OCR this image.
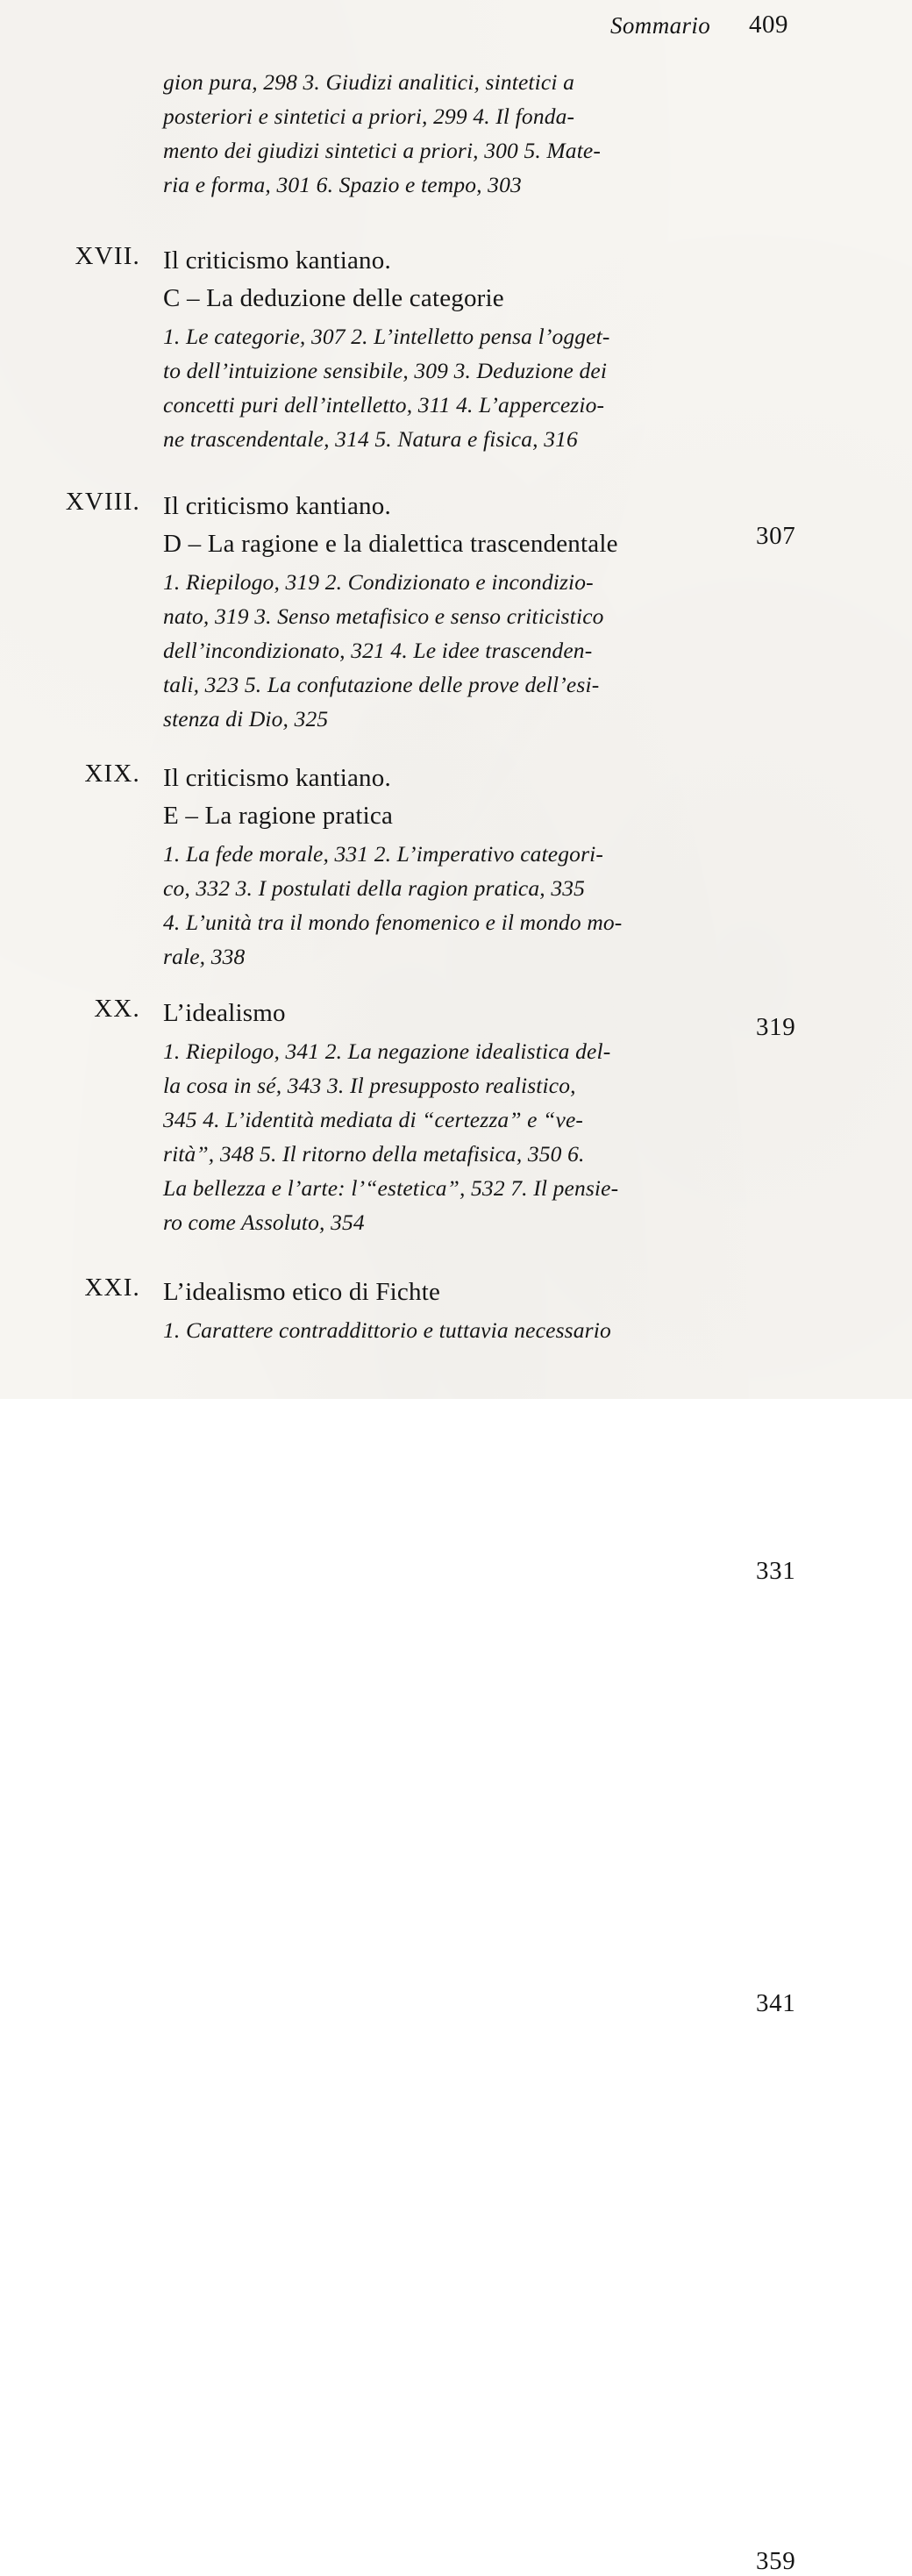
Sommario 409
gion pura, 298 3. Giudizi analitici, sintetici a
posteriori e sintetici a priori, 299 4. Il fonda-
mento dei giudizi sintetici a priori, 300 5. Mate-
ria e forma, 301 6. Spazio e tempo, 303
XVII.
307
Il criticismo kantiano.
C – La deduzione delle categorie
1. Le categorie, 307 2. L’intelletto pensa l’ogget-
to dell’intuizione sensibile, 309 3. Deduzione dei
concetti puri dell’intelletto, 311 4. L’appercezio-
ne trascendentale, 314 5. Natura e fisica, 316
XVIII.
319
Il criticismo kantiano.
D – La ragione e la dialettica trascendentale
1. Riepilogo, 319 2. Condizionato e incondizio-
nato, 319 3. Senso metafisico e senso criticistico
dell’incondizionato, 321 4. Le idee trascenden-
tali, 323 5. La confutazione delle prove dell’esi-
stenza di Dio, 325
XIX.
331
Il criticismo kantiano.
E – La ragione pratica
1. La fede morale, 331 2. L’imperativo categori-
co, 332 3. I postulati della ragion pratica, 335
4. L’unità tra il mondo fenomenico e il mondo mo-
rale, 338
XX.
341
L’idealismo
1. Riepilogo, 341 2. La negazione idealistica del-
la cosa in sé, 343 3. Il presupposto realistico,
345 4. L’identità mediata di “certezza” e “ve-
rità”, 348 5. Il ritorno della metafisica, 350 6.
La bellezza e l’arte: l’“estetica”, 532 7. Il pensie-
ro come Assoluto, 354
XXI.
359
L’idealismo etico di Fichte
1. Carattere contraddittorio e tuttavia necessario
